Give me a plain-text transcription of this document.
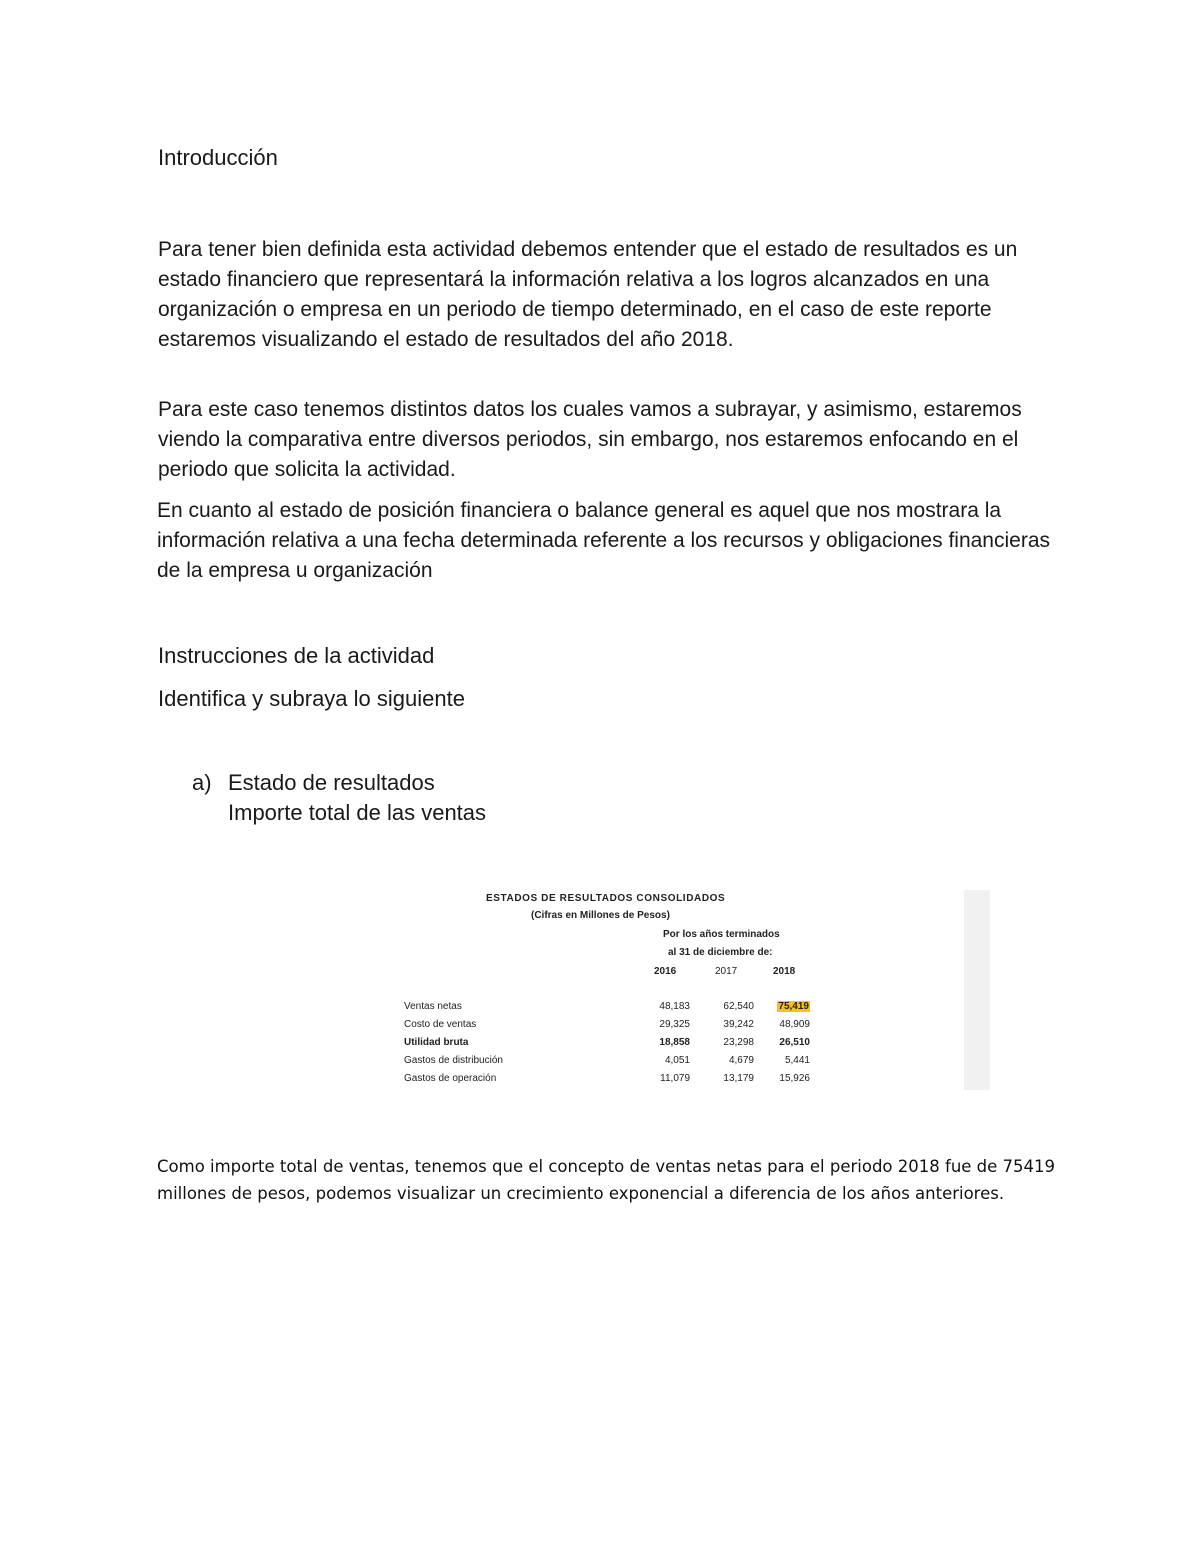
Introducción

Para tener bien definida esta actividad debemos entender que el estado de resultados es un estado financiero que representará la información relativa a los logros alcanzados en una organización o empresa en un periodo de tiempo determinado, en el caso de este reporte estaremos visualizando el estado de resultados del año 2018.

Para este caso tenemos distintos datos los cuales vamos a subrayar, y asimismo, estaremos viendo la comparativa entre diversos periodos, sin embargo, nos estaremos enfocando en el periodo que solicita la actividad.

En cuanto al estado de posición financiera o balance general es aquel que nos mostrara la información relativa a una fecha determinada referente a los recursos y obligaciones financieras de la empresa u organización

Instrucciones de la actividad
Identifica y subraya lo siguiente
a) Estado de resultados
Importe total de las ventas
ESTADOS DE RESULTADOS CONSOLIDADOS
(Cifras en Millones de Pesos)
Por los años terminados
al 31 de diciembre de:
2016	2017	2018
Ventas netas	48,183	62,540	75,419
Costo de ventas	29,325	39,242	48,909
Utilidad bruta	18,858	23,298	26,510
Gastos de distribución	4,051	4,679	5,441
Gastos de operación	11,079	13,179	15,926
Como importe total de ventas, tenemos que el concepto de ventas netas para el periodo 2018 fue de 75419 millones de pesos, podemos visualizar un crecimiento exponencial a diferencia de los años anteriores.
